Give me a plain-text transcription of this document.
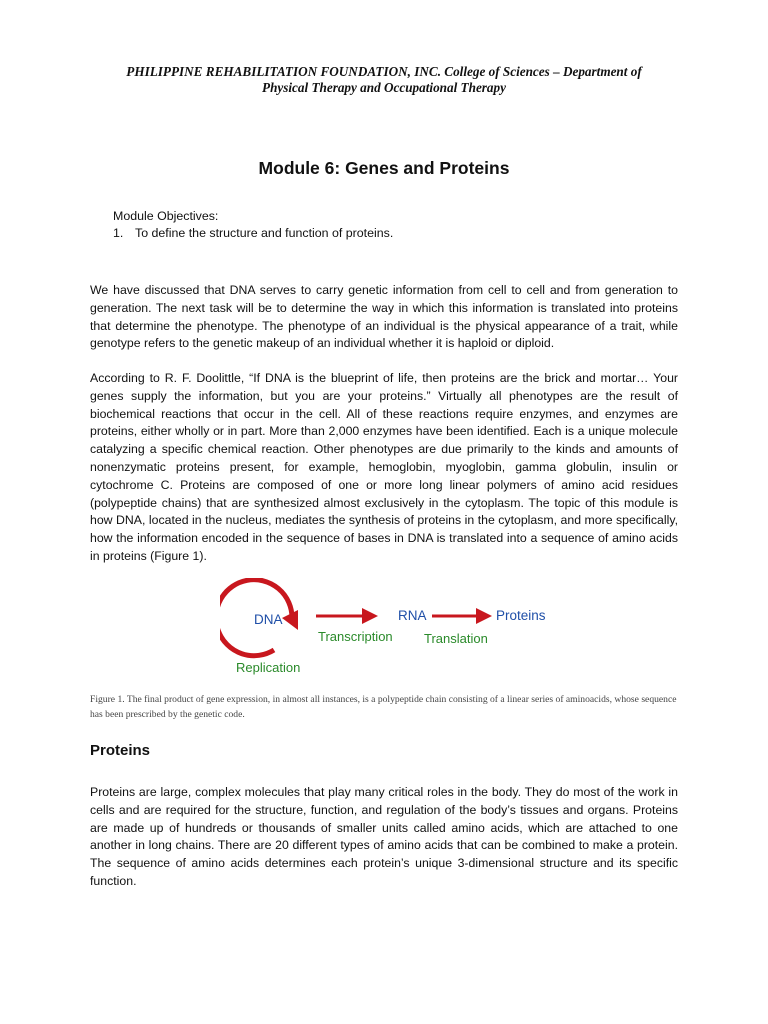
PHILIPPINE REHABILITATION FOUNDATION, INC. College of Sciences – Department of
Physical Therapy and Occupational Therapy
Module 6: Genes and Proteins
Module Objectives:
1. To define the structure and function of proteins.

We have discussed that DNA serves to carry genetic information from cell to cell and from generation to generation. The next task will be to determine the way in which this information is translated into proteins that determine the phenotype. The phenotype of an individual is the physical appearance of a trait, while genotype refers to the genetic makeup of an individual whether it is haploid or diploid.

According to R. F. Doolittle, “If DNA is the blueprint of life, then proteins are the brick and mortar… Your genes supply the information, but you are your proteins.” Virtually all phenotypes are the result of biochemical reactions that occur in the cell. All of these reactions require enzymes, and enzymes are proteins, either wholly or in part. More than 2,000 enzymes have been identified. Each is a unique molecule catalyzing a specific chemical reaction. Other phenotypes are due primarily to the kinds and amounts of nonenzymatic proteins present, for example, hemoglobin, myoglobin, gamma globulin, insulin or cytochrome C. Proteins are composed of one or more long linear polymers of amino acid residues (polypeptide chains) that are synthesized almost exclusively in the cytoplasm. The topic of this module is how DNA, located in the nucleus, mediates the synthesis of proteins in the cytoplasm, and more specifically, how the information encoded in the sequence of bases in DNA is translated into a sequence of amino acids in proteins (Figure 1).

DNA	RNA	Proteins
Transcription Translation
Replication
Figure 1. The final product of gene expression, in almost all instances, is a polypeptide chain consisting of a linear series of aminoacids, whose sequence has been prescribed by the genetic code.
Proteins

Proteins are large, complex molecules that play many critical roles in the body. They do most of the work in cells and are required for the structure, function, and regulation of the body’s tissues and organs. Proteins are made up of hundreds or thousands of smaller units called amino acids, which are attached to one another in long chains. There are 20 different types of amino acids that can be combined to make a protein. The sequence of amino acids determines each protein’s unique 3-dimensional structure and its specific function.
